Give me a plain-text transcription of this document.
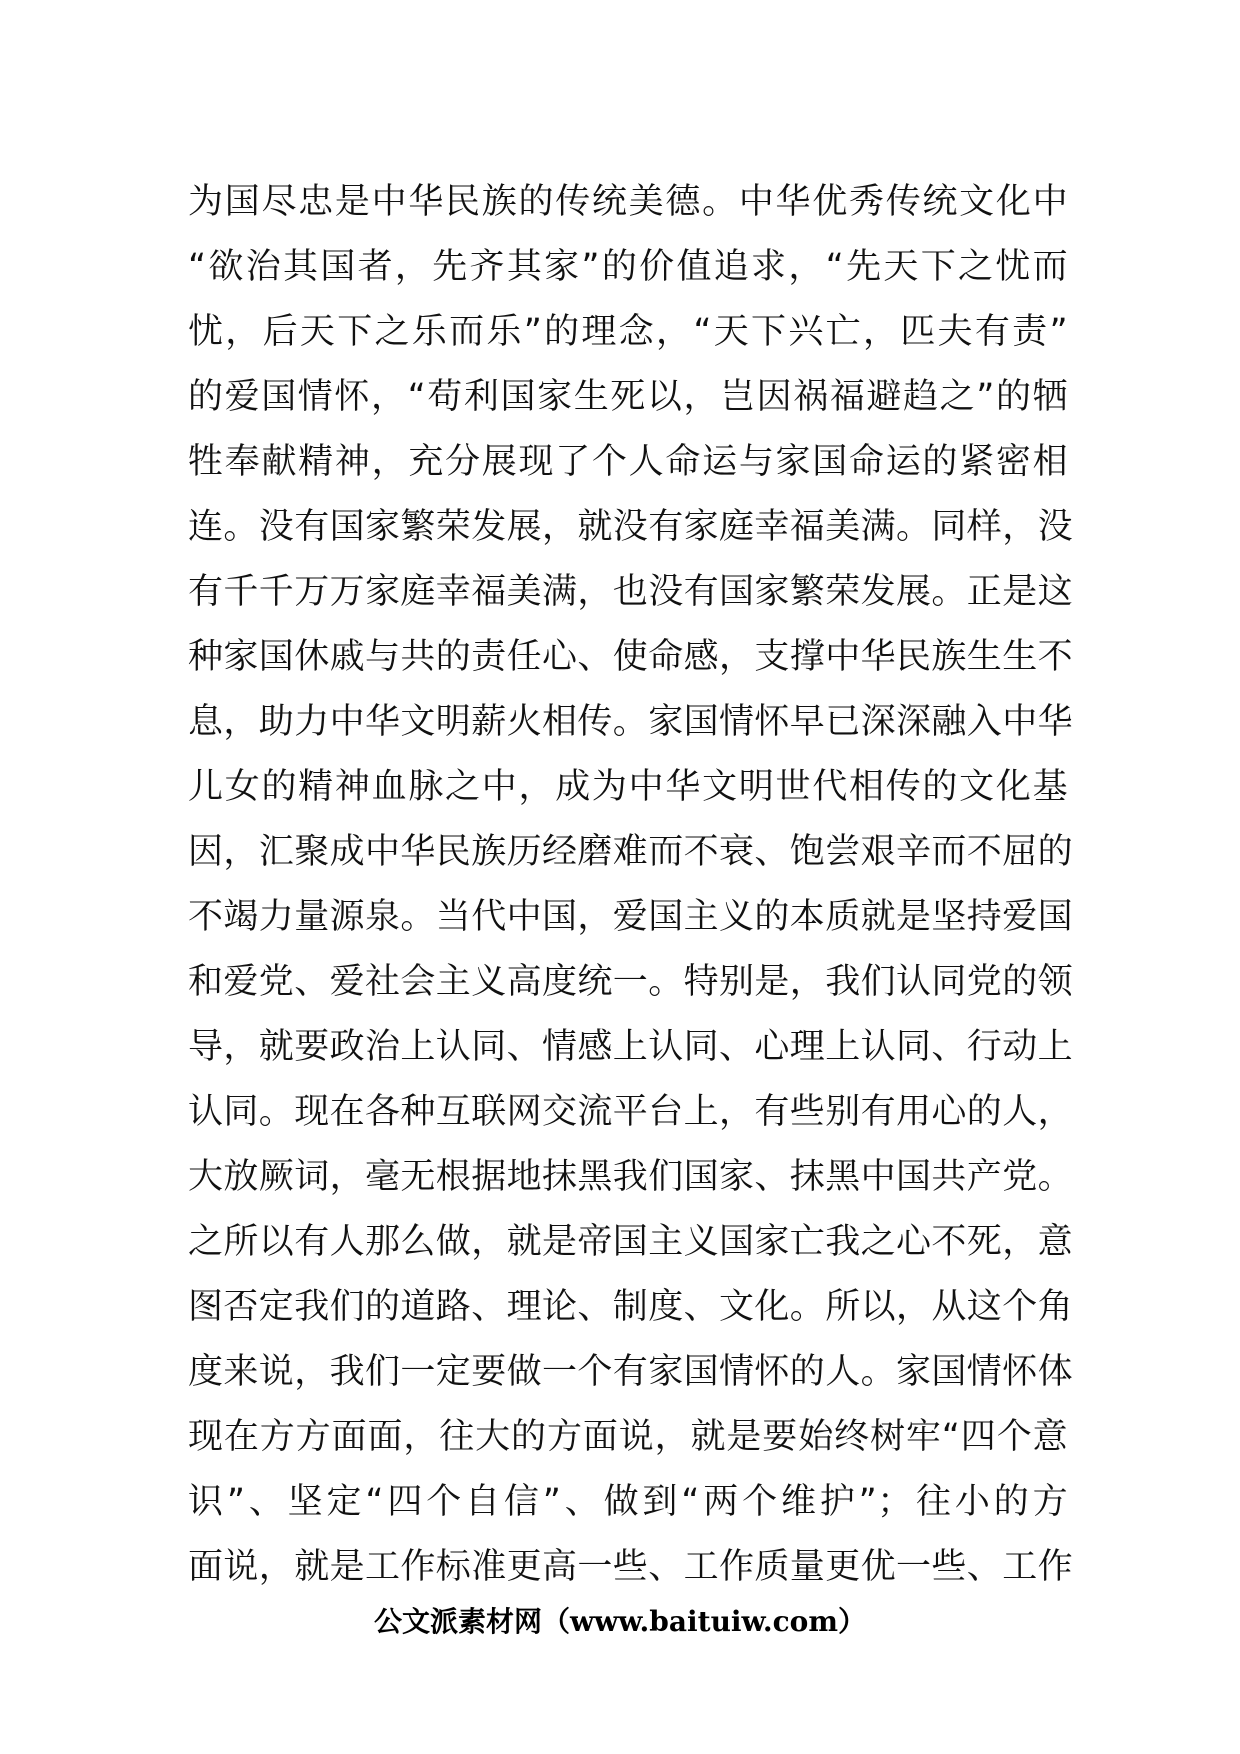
为国尽忠是中华民族的传统美德。中华优秀传统文化中
“欲治其国者，先齐其家”的价值追求，“先天下之忧而
忧，后天下之乐而乐”的理念，“天下兴亡，匹夫有责”
的爱国情怀，“苟利国家生死以，岂因祸福避趋之”的牺
牲奉献精神，充分展现了个人命运与家国命运的紧密相
连。没有国家繁荣发展，就没有家庭幸福美满。同样，没
有千千万万家庭幸福美满，也没有国家繁荣发展。正是这
种家国休戚与共的责任心、使命感，支撑中华民族生生不
息，助力中华文明薪火相传。家国情怀早已深深融入中华
儿女的精神血脉之中，成为中华文明世代相传的文化基
因，汇聚成中华民族历经磨难而不衰、饱尝艰辛而不屈的
不竭力量源泉。当代中国，爱国主义的本质就是坚持爱国
和爱党、爱社会主义高度统一。特别是，我们认同党的领
导，就要政治上认同、情感上认同、心理上认同、行动上
认同。现在各种互联网交流平台上，有些别有用心的人，
大放厥词，毫无根据地抹黑我们国家、抹黑中国共产党。
之所以有人那么做，就是帝国主义国家亡我之心不死，意
图否定我们的道路、理论、制度、文化。所以，从这个角
度来说，我们一定要做一个有家国情怀的人。家国情怀体
现在方方面面，往大的方面说，就是要始终树牢“四个意
识”、坚定“四个自信”、做到“两个维护”；往小的方
面说，就是工作标准更高一些、工作质量更优一些、工作
公文派素材网（www.baituiw.com）
